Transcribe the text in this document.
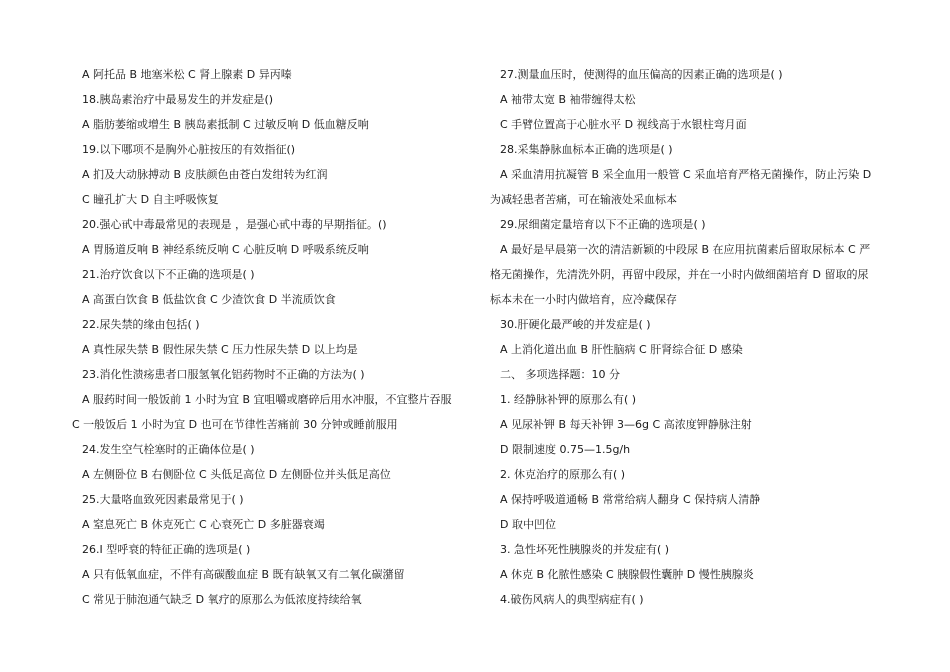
A 阿托品 B 地塞米松 C 肾上腺素 D 异丙嗪
18.胰岛素治疗中最易发生的并发症是()
A 脂肪萎缩或增生 B 胰岛素抵制 C 过敏反响 D 低血糖反响
19.以下哪项不是胸外心脏按压的有效指征()
A 扪及大动脉搏动 B 皮肤颜色由苍白发绀转为红润
C 瞳孔扩大 D 自主呼吸恢复
20.强心甙中毒最常见的表现是 ，是强心甙中毒的早期指征。()
A 胃肠道反响 B 神经系统反响 C 心脏反响 D 呼吸系统反响
21.治疗饮食以下不正确的选项是( )
A 高蛋白饮食 B 低盐饮食 C 少渣饮食 D 半流质饮食
22.尿失禁的缘由包括( )
A 真性尿失禁 B 假性尿失禁 C 压力性尿失禁 D 以上均是
23.消化性溃疡患者口服氢氧化铝药物时不正确的方法为( )
A 服药时间一般饭前 1 小时为宜 B 宜咀嚼或磨碎后用水冲服，不宜整片吞服
C 一般饭后 1 小时为宜 D 也可在节律性苦痛前 30 分钟或睡前服用
24.发生空气栓塞时的正确体位是( )
A 左侧卧位 B 右侧卧位 C 头低足高位 D 左侧卧位并头低足高位
25.大量咯血致死因素最常见于( )
A 窒息死亡 B 休克死亡 C 心衰死亡 D 多脏器衰竭
26.I 型呼衰的特征正确的选项是( )
A 只有低氧血症，不伴有高碳酸血症 B 既有缺氧又有二氧化碳潴留
C 常见于肺泡通气缺乏 D 氧疗的原那么为低浓度持续给氧
27.测量血压时，使测得的血压偏高的因素正确的选项是( )
A 袖带太宽 B 袖带缠得太松
C 手臂位置高于心脏水平 D 视线高于水银柱弯月面
28.采集静脉血标本正确的选项是( )
A 采血清用抗凝管 B 采全血用一般管 C 采血培育严格无菌操作，防止污染 D
为减轻患者苦痛，可在输液处采血标本
29.尿细菌定量培育以下不正确的选项是( )
A 最好是早晨第一次的清洁新颖的中段尿 B 在应用抗菌素后留取尿标本 C 严
格无菌操作，先清洗外阴，再留中段尿，并在一小时内做细菌培育 D 留取的尿
标本未在一小时内做培育，应冷藏保存
30.肝硬化最严峻的并发症是( )
A 上消化道出血 B 肝性脑病 C 肝肾综合征 D 感染
二、 多项选择题：10 分
1. 经静脉补钾的原那么有( )
A 见尿补钾 B 每天补钾 3—6g C 高浓度钾静脉注射
D 限制速度 0.75—1.5g/h
2. 休克治疗的原那么有( )
A 保持呼吸道通畅 B 常常给病人翻身 C 保持病人清静
D 取中凹位
3. 急性坏死性胰腺炎的并发症有( )
A 休克 B 化脓性感染 C 胰腺假性囊肿 D 慢性胰腺炎
4.破伤风病人的典型病症有( )
